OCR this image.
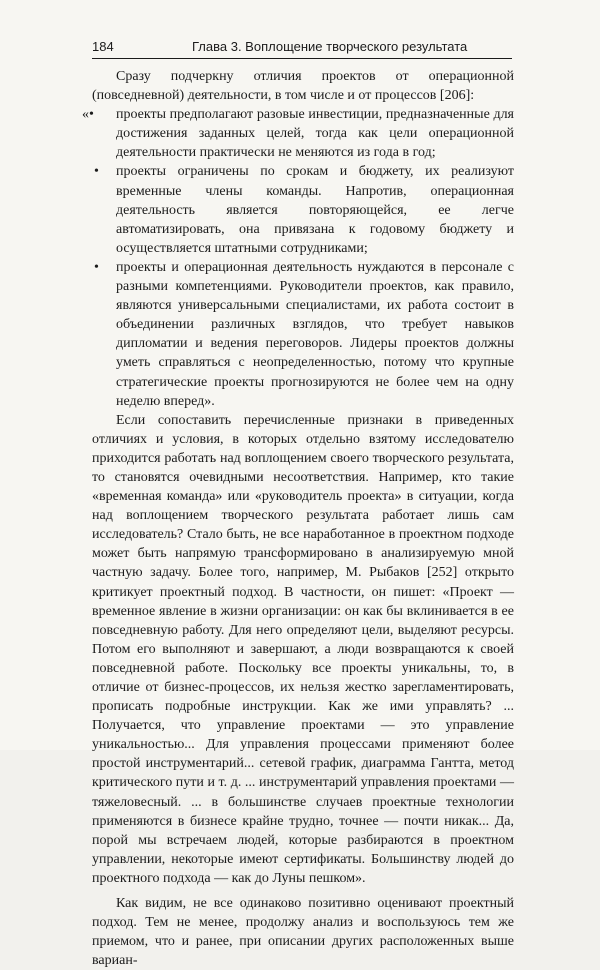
184	Глава 3. Воплощение творческого результата

Сразу подчеркну отличия проектов от операционной (повседневной) деятельности, в том числе и от процессов [206]:

«• проекты предполагают разовые инвестиции, предназначенные для достижения заданных целей, тогда как цели операционной деятельности практически не меняются из года в год;
• проекты ограничены по срокам и бюджету, их реализуют временные члены команды. Напротив, операционная деятельность является повторяющейся, ее легче автоматизировать, она привязана к годовому бюджету и осуществляется штатными сотрудниками;
• проекты и операционная деятельность нуждаются в персонале с разными компетенциями. Руководители проектов, как правило, являются универсальными специалистами, их работа состоит в объединении различных взглядов, что требует навыков дипломатии и ведения переговоров. Лидеры проектов должны уметь справляться с неопределенностью, потому что крупные стратегические проекты прогнозируются не более чем на одну неделю вперед».

Если сопоставить перечисленные признаки в приведенных отличиях и условия, в которых отдельно взятому исследователю приходится работать над воплощением своего творческого результата, то становятся очевидными несоответствия. Например, кто такие «временная команда» или «руководитель проекта» в ситуации, когда над воплощением творческого результата работает лишь сам исследователь? Стало быть, не все наработанное в проектном подходе может быть напрямую трансформировано в анализируемую мной частную задачу. Более того, например, М. Рыбаков [252] открыто критикует проектный подход. В частности, он пишет: «Проект — временное явление в жизни организации: он как бы вклинивается в ее повседневную работу. Для него определяют цели, выделяют ресурсы. Потом его выполняют и завершают, а люди возвращаются к своей повседневной работе. Поскольку все проекты уникальны, то, в отличие от бизнес-процессов, их нельзя жестко зарегламентировать, прописать подробные инструкции. Как же ими управлять? ... Получается, что управление проектами — это управление уникальностью... Для управления процессами применяют более простой инструментарий... сетевой график, диаграмма Гантта, метод критического пути и т. д. ... инструментарий управления проектами — тяжеловесный. ... в большинстве случаев проектные технологии применяются в бизнесе крайне трудно, точнее — почти никак... Да, порой мы встречаем людей, которые разбираются в проектном управлении, некоторые имеют сертификаты. Большинству людей до проектного подхода — как до Луны пешком».

Как видим, не все одинаково позитивно оценивают проектный подход. Тем не менее, продолжу анализ и воспользуюсь тем же приемом, что и ранее, при описании других расположенных выше вариан-
